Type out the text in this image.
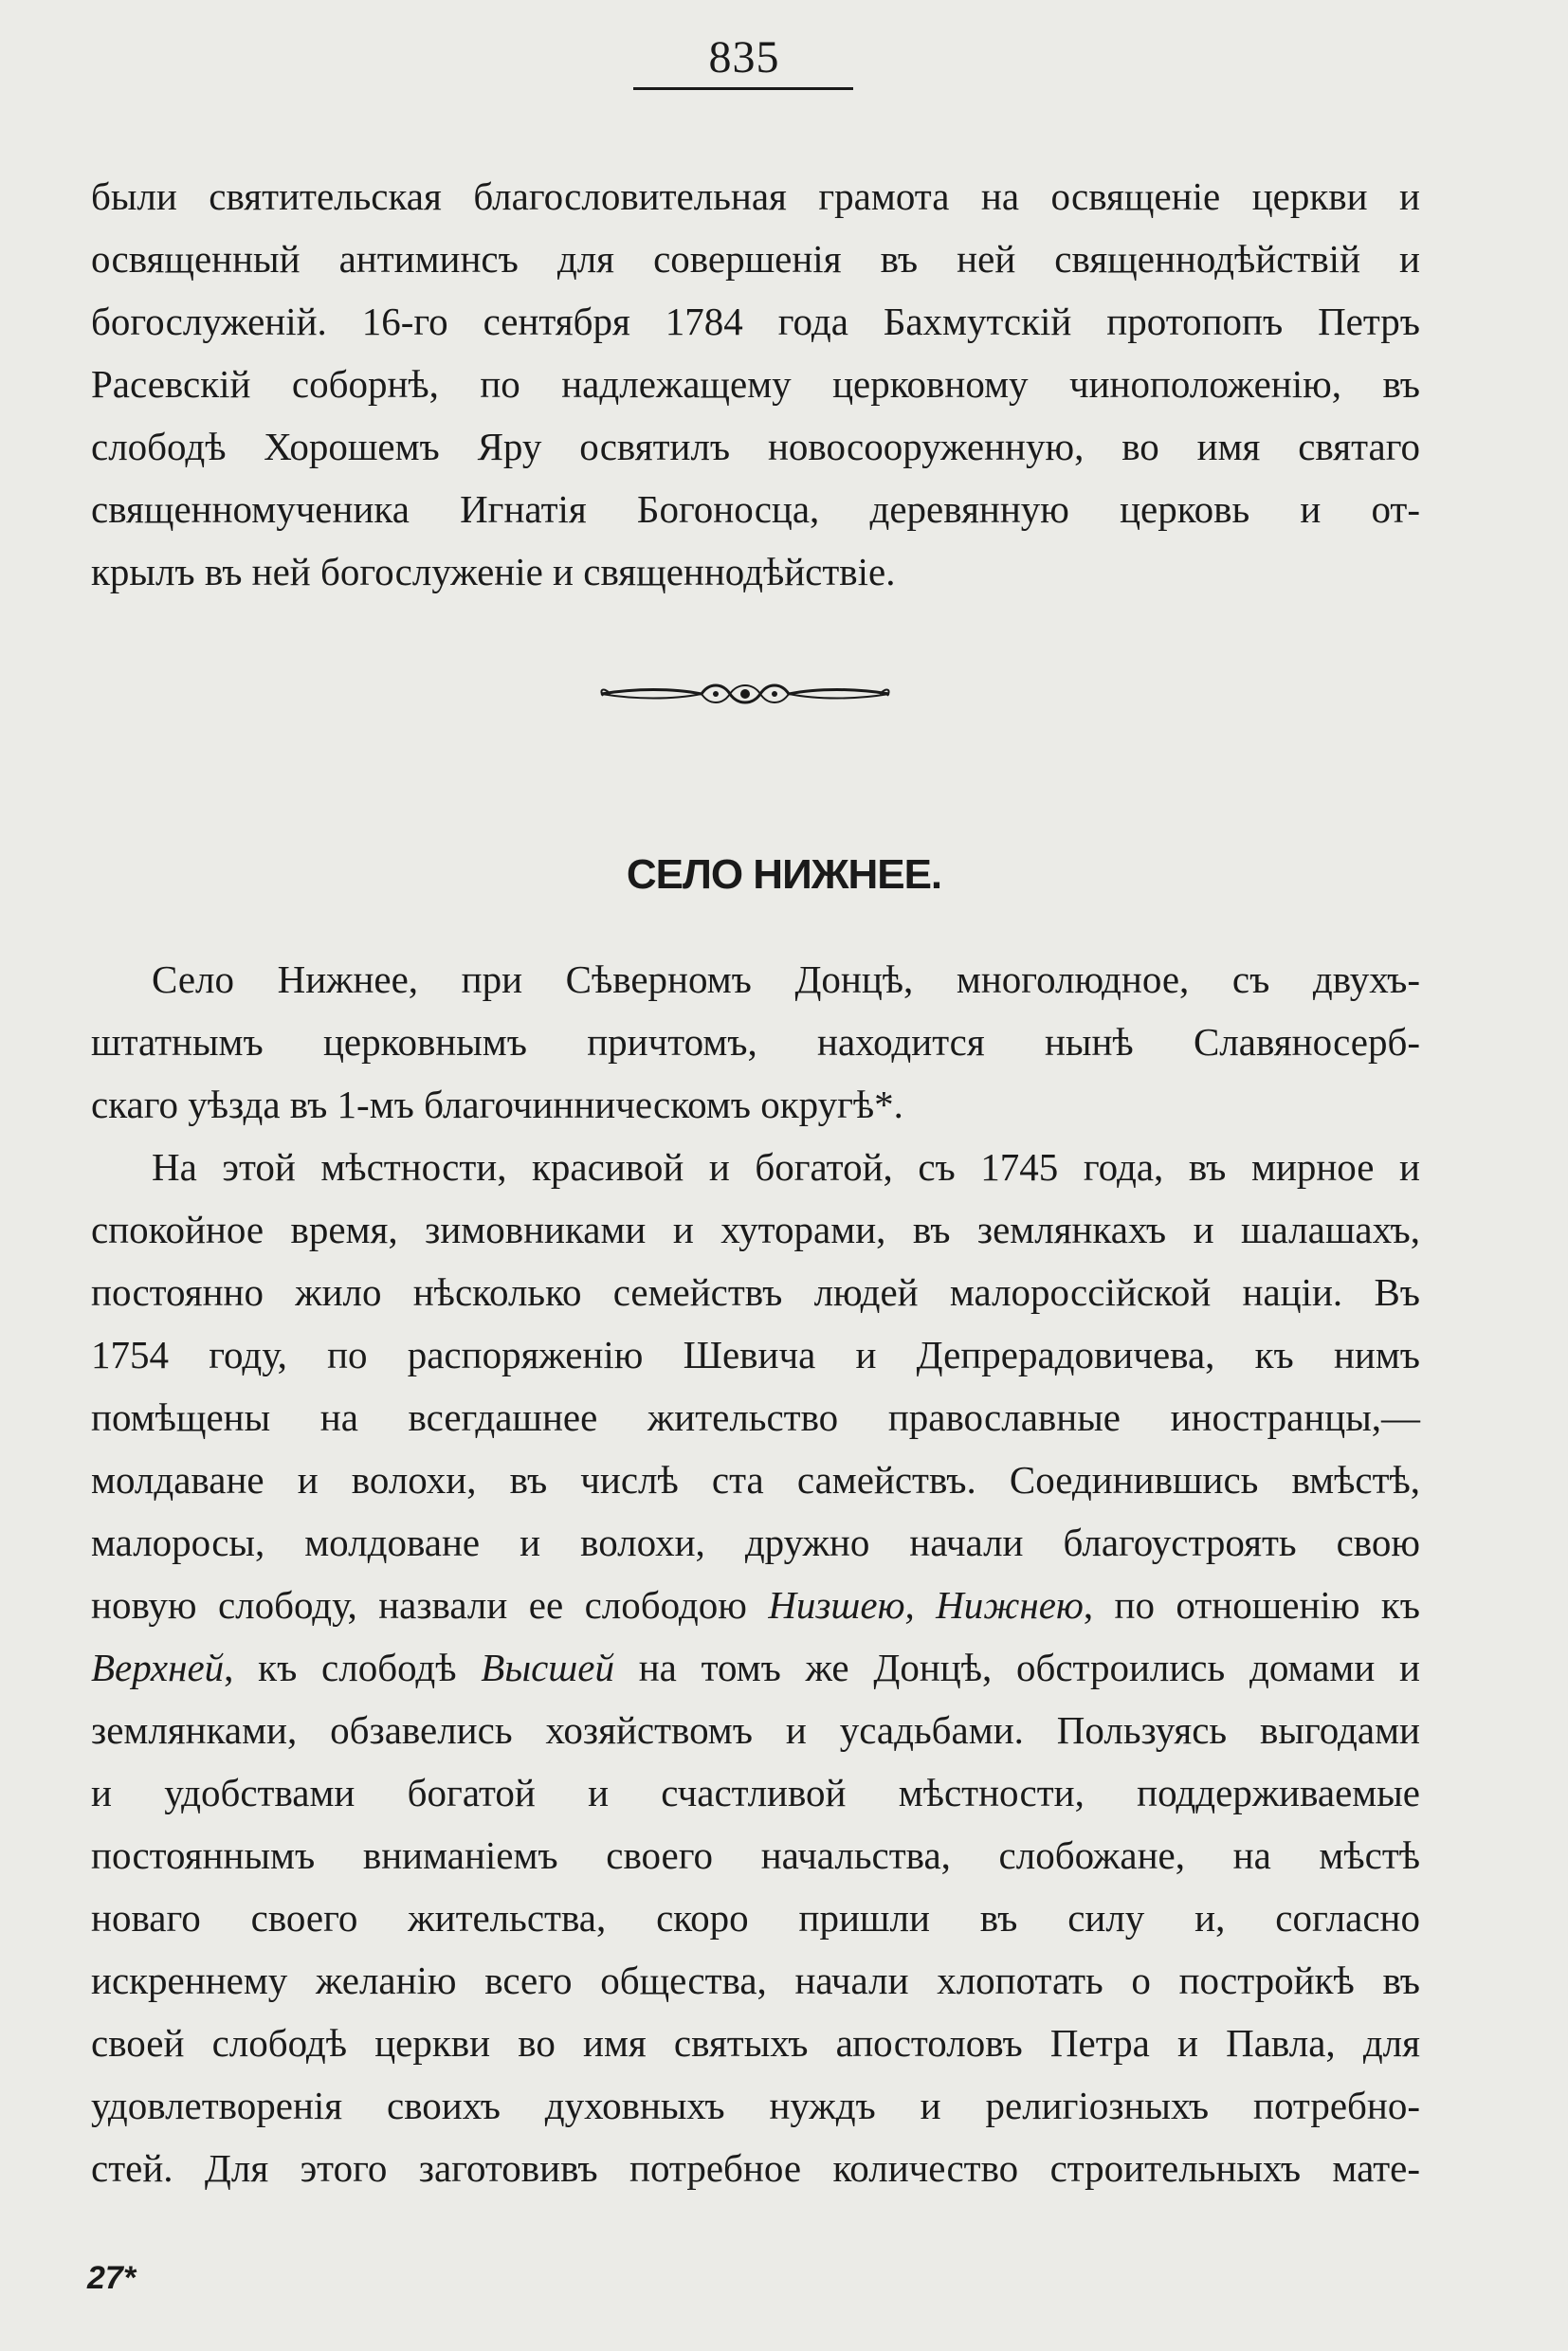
835
были святительская благословительная грамота на освященіе церкви и
освященный антиминсъ для совершенія въ ней священнодѣйствій и
богослуженій. 16-го сентября 1784 года Бахмутскій протопопъ Петръ
Расевскій соборнѣ, по надлежащему церковному чиноположенію, въ
слободѣ Хорошемъ Яру освятилъ новосооруженную, во имя святаго
священномученика Игнатія Богоносца, деревянную церковь и от-
крылъ въ ней богослуженіе и священнодѣйствіе.
СЕЛО НИЖНЕЕ.
Село Нижнее, при Сѣверномъ Донцѣ, многолюдное, съ двухъ-
штатнымъ церковнымъ причтомъ, находится нынѣ Славяносерб-
скаго уѣзда въ 1-мъ благочинническомъ округѣ*.
На этой мѣстности, красивой и богатой, съ 1745 года, въ мирное и
спокойное время, зимовниками и хуторами, въ землянкахъ и шалашахъ,
постоянно жило нѣсколько семействъ людей малороссійской націи. Въ
1754 году, по распоряженію Шевича и Депрерадовичева, къ нимъ
помѣщены на всегдашнее жительство православные иностранцы,—
молдаване и волохи, въ числѣ ста самействъ. Соединившись вмѣстѣ,
малоросы, молдоване и волохи, дружно начали благоустроять свою
новую слободу, назвали ее слободою Низшею, Нижнею, по отношенію къ
Верхней, къ слободѣ Высшей на томъ же Донцѣ, обстроились домами и
землянками, обзавелись хозяйствомъ и усадьбами. Пользуясь выгодами
и удобствами богатой и счастливой мѣстности, поддерживаемые
постояннымъ вниманіемъ своего начальства, слобожане, на мѣстѣ
новаго своего жительства, скоро пришли въ силу и, согласно
искреннему желанію всего общества, начали хлопотать о постройкѣ въ
своей слободѣ церкви во имя святыхъ апостоловъ Петра и Павла, для
удовлетворенія своихъ духовныхъ нуждъ и религіозныхъ потребно-
стей. Для этого заготовивъ потребное количество строительныхъ мате-
27*
